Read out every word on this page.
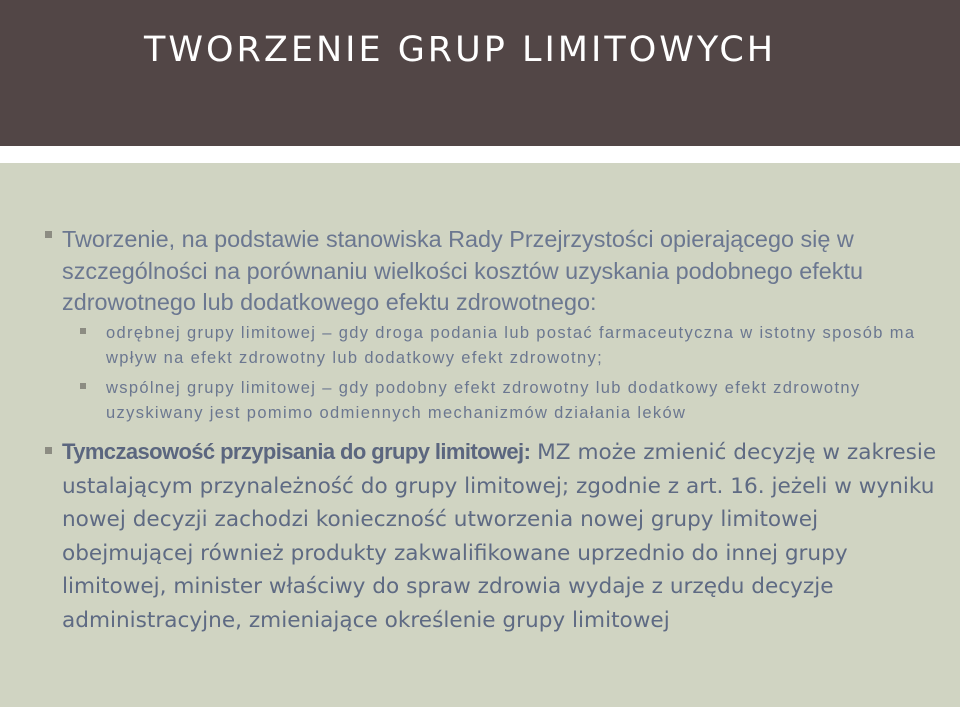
TWORZENIE GRUP LIMITOWYCH
Tworzenie, na podstawie stanowiska Rady Przejrzystości opierającego się w szczególności na porównaniu wielkości kosztów uzyskania podobnego efektu zdrowotnego lub dodatkowego efektu zdrowotnego:
odrębnej grupy limitowej – gdy droga podania lub postać farmaceutyczna w istotny sposób ma wpływ na efekt zdrowotny lub dodatkowy efekt zdrowotny;
wspólnej grupy limitowej – gdy podobny efekt zdrowotny lub dodatkowy efekt zdrowotny uzyskiwany jest pomimo odmiennych mechanizmów działania leków
Tymczasowość przypisania do grupy limitowej: MZ może zmienić decyzję w zakresie ustalającym przynależność do grupy limitowej; zgodnie z art. 16. jeżeli w wyniku nowej decyzji zachodzi konieczność utworzenia nowej grupy limitowej obejmującej również produkty zakwalifikowane uprzednio do innej grupy limitowej, minister właściwy do spraw zdrowia wydaje z urzędu decyzje administracyjne, zmieniające określenie grupy limitowej
